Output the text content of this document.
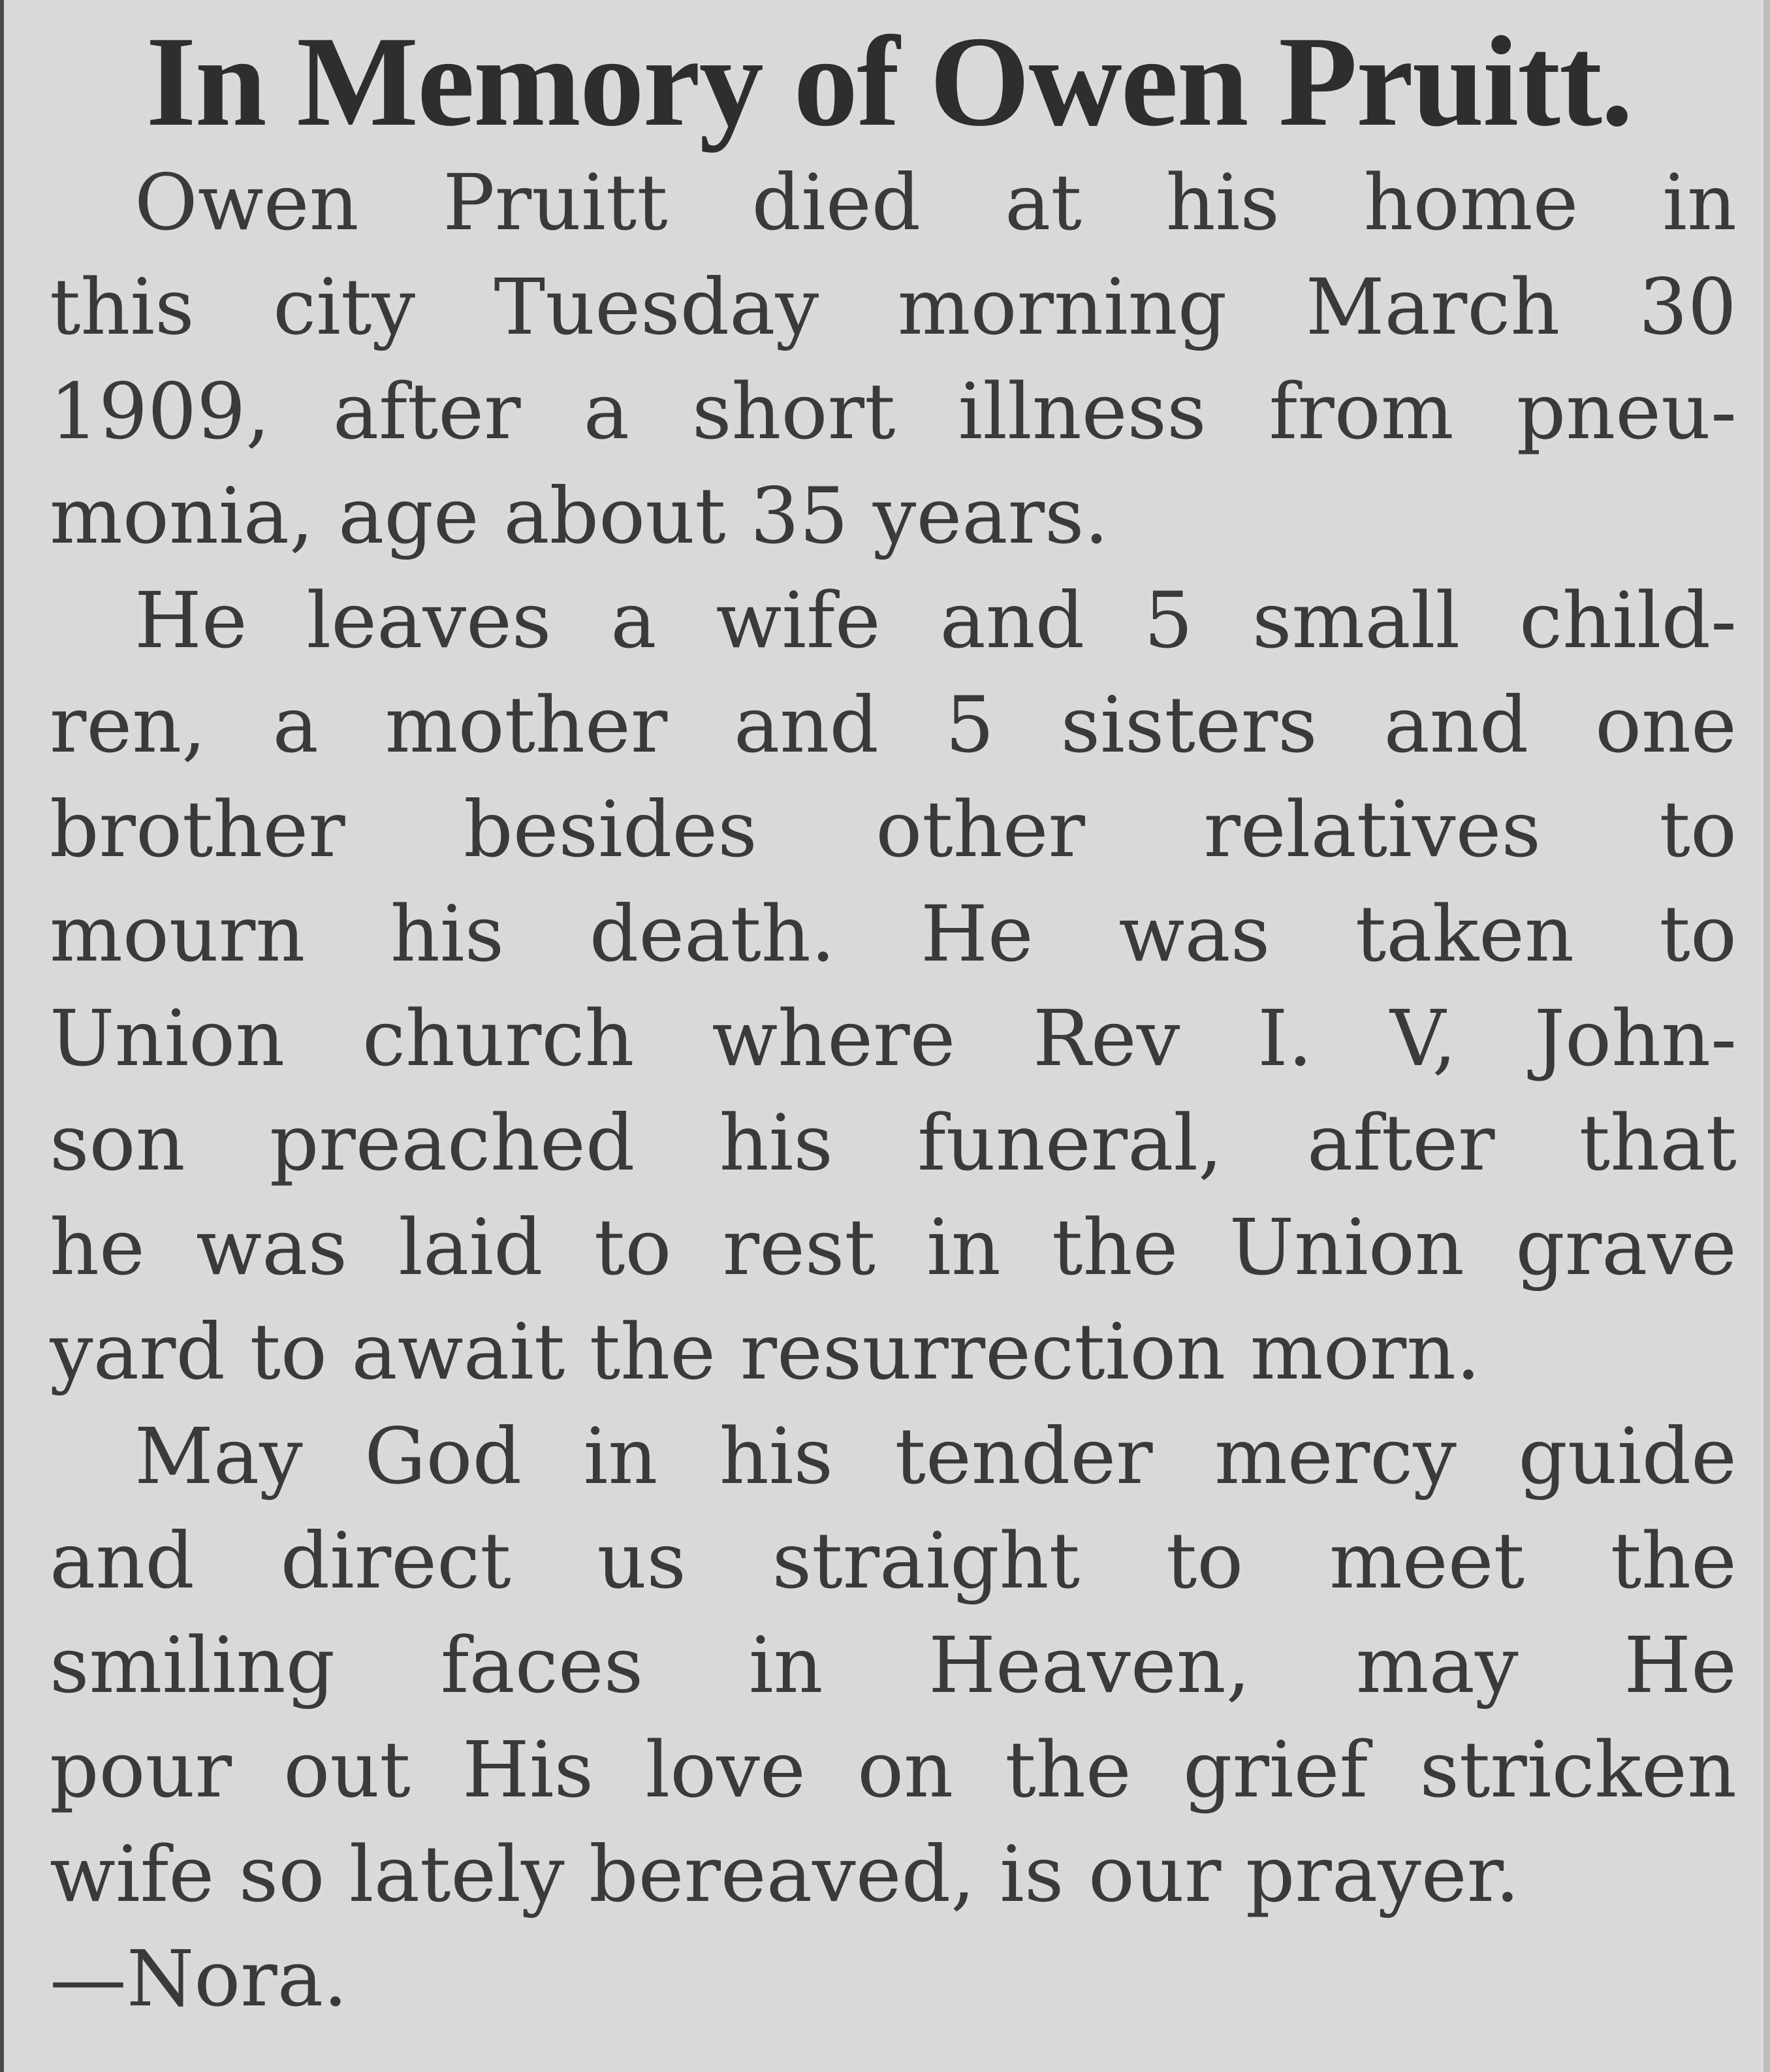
In Memory of Owen Pruitt.
Owen Pruitt died at his home in
this city Tuesday morning March 30
1909, after a short illness from pneu-
monia, age about 35 years.
He leaves a wife and 5 small child-
ren, a mother and 5 sisters and one
brother besides other relatives to
mourn his death. He was taken to
Union church where Rev I. V, John-
son preached his funeral, after that
he was laid to rest in the Union grave
yard to await the resurrection morn.
May God in his tender mercy guide
and direct us straight to meet the
smiling faces in Heaven, may He
pour out His love on the grief stricken
wife so lately bereaved, is our prayer.
—Nora.
